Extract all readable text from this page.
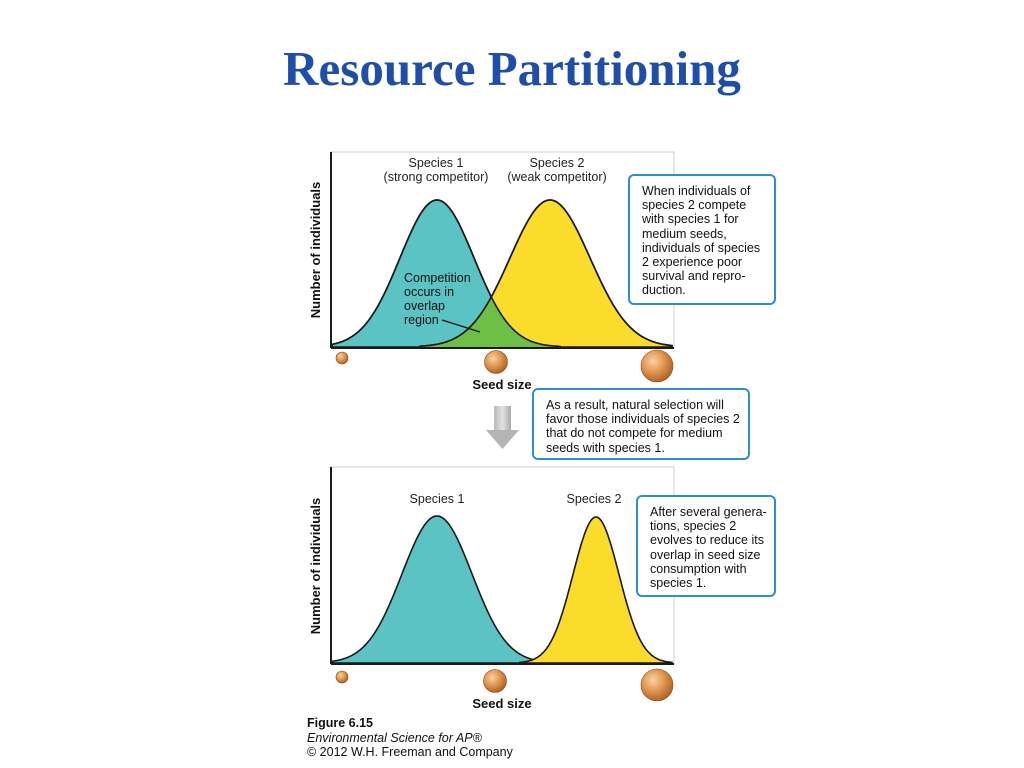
Resource Partitioning
Species 1
(strong competitor)
Species 2
(weak competitor)
Competition
occurs in
overlap
region
Number of individuals
Seed size
Species 1	Species 2
Number of individuals
Seed size
When individuals of
species 2 compete
with species 1 for
medium seeds,
individuals of species
2 experience poor
survival and repro-
duction.
As a result, natural selection will
favor those individuals of species 2
that do not compete for medium
seeds with species 1.
After several genera-
tions, species 2
evolves to reduce its
overlap in seed size
consumption with
species 1.
Figure 6.15
Environmental Science for AP®
© 2012 W.H. Freeman and Company
